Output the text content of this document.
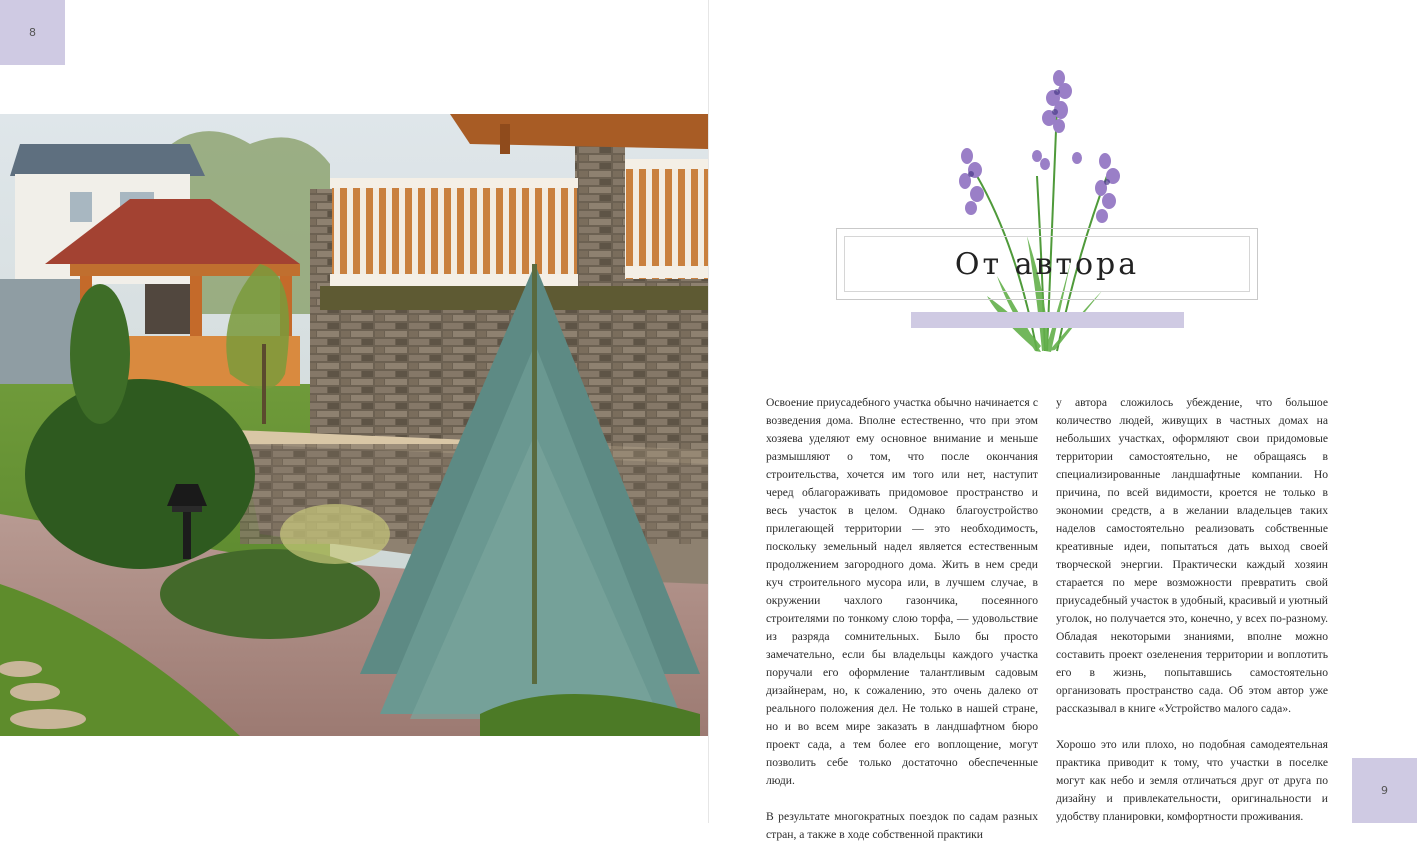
8
От автора

Освоение приусадебного участка обычно начинается с возведения дома. Вполне естественно, что при этом хозяева уделяют ему основное внимание и меньше размышляют о том, что после окончания строительства, хочется им того или нет, наступит черед облагораживать придомовое пространство и весь участок в целом. Однако благоустройство прилегающей территории — это необходимость, поскольку земельный надел является естественным продолжением загородного дома. Жить в нем среди куч строительного мусора или, в лучшем случае, в окружении чахлого газончика, посеянного строителями по тонкому слою торфа, — удовольствие из разряда сомнительных. Было бы просто замечательно, если бы владельцы каждого участка поручали его оформление талантливым садовым дизайнерам, но, к сожалению, это очень далеко от реального положения дел. Не только в нашей стране, но и во всем мире заказать в ландшафтном бюро проект сада, а тем более его воплощение, могут позволить себе только достаточно обеспеченные люди.

В результате многократных поездок по садам разных стран, а также в ходе собственной практики

у автора сложилось убеждение, что большое количество людей, живущих в частных домах на небольших участках, оформляют свои придомовые территории самостоятельно, не обращаясь в специализированные ландшафтные компании. Но причина, по всей видимости, кроется не только в экономии средств, а в желании владельцев таких наделов самостоятельно реализовать собственные креативные идеи, попытаться дать выход своей творческой энергии. Практически каждый хозяин старается по мере возможности превратить свой приусадебный участок в удобный, красивый и уютный уголок, но получается это, конечно, у всех по-разному. Обладая некоторыми знаниями, вполне можно составить проект озеленения территории и воплотить его в жизнь, попытавшись самостоятельно организовать пространство сада. Об этом автор уже рассказывал в книге «Устройство малого сада».

Хорошо это или плохо, но подобная самодеятельная практика приводит к тому, что участки в поселке могут как небо и земля отличаться друг от друга по дизайну и привлекательности, оригинальности и удобству планировки, комфортности проживания.

9
